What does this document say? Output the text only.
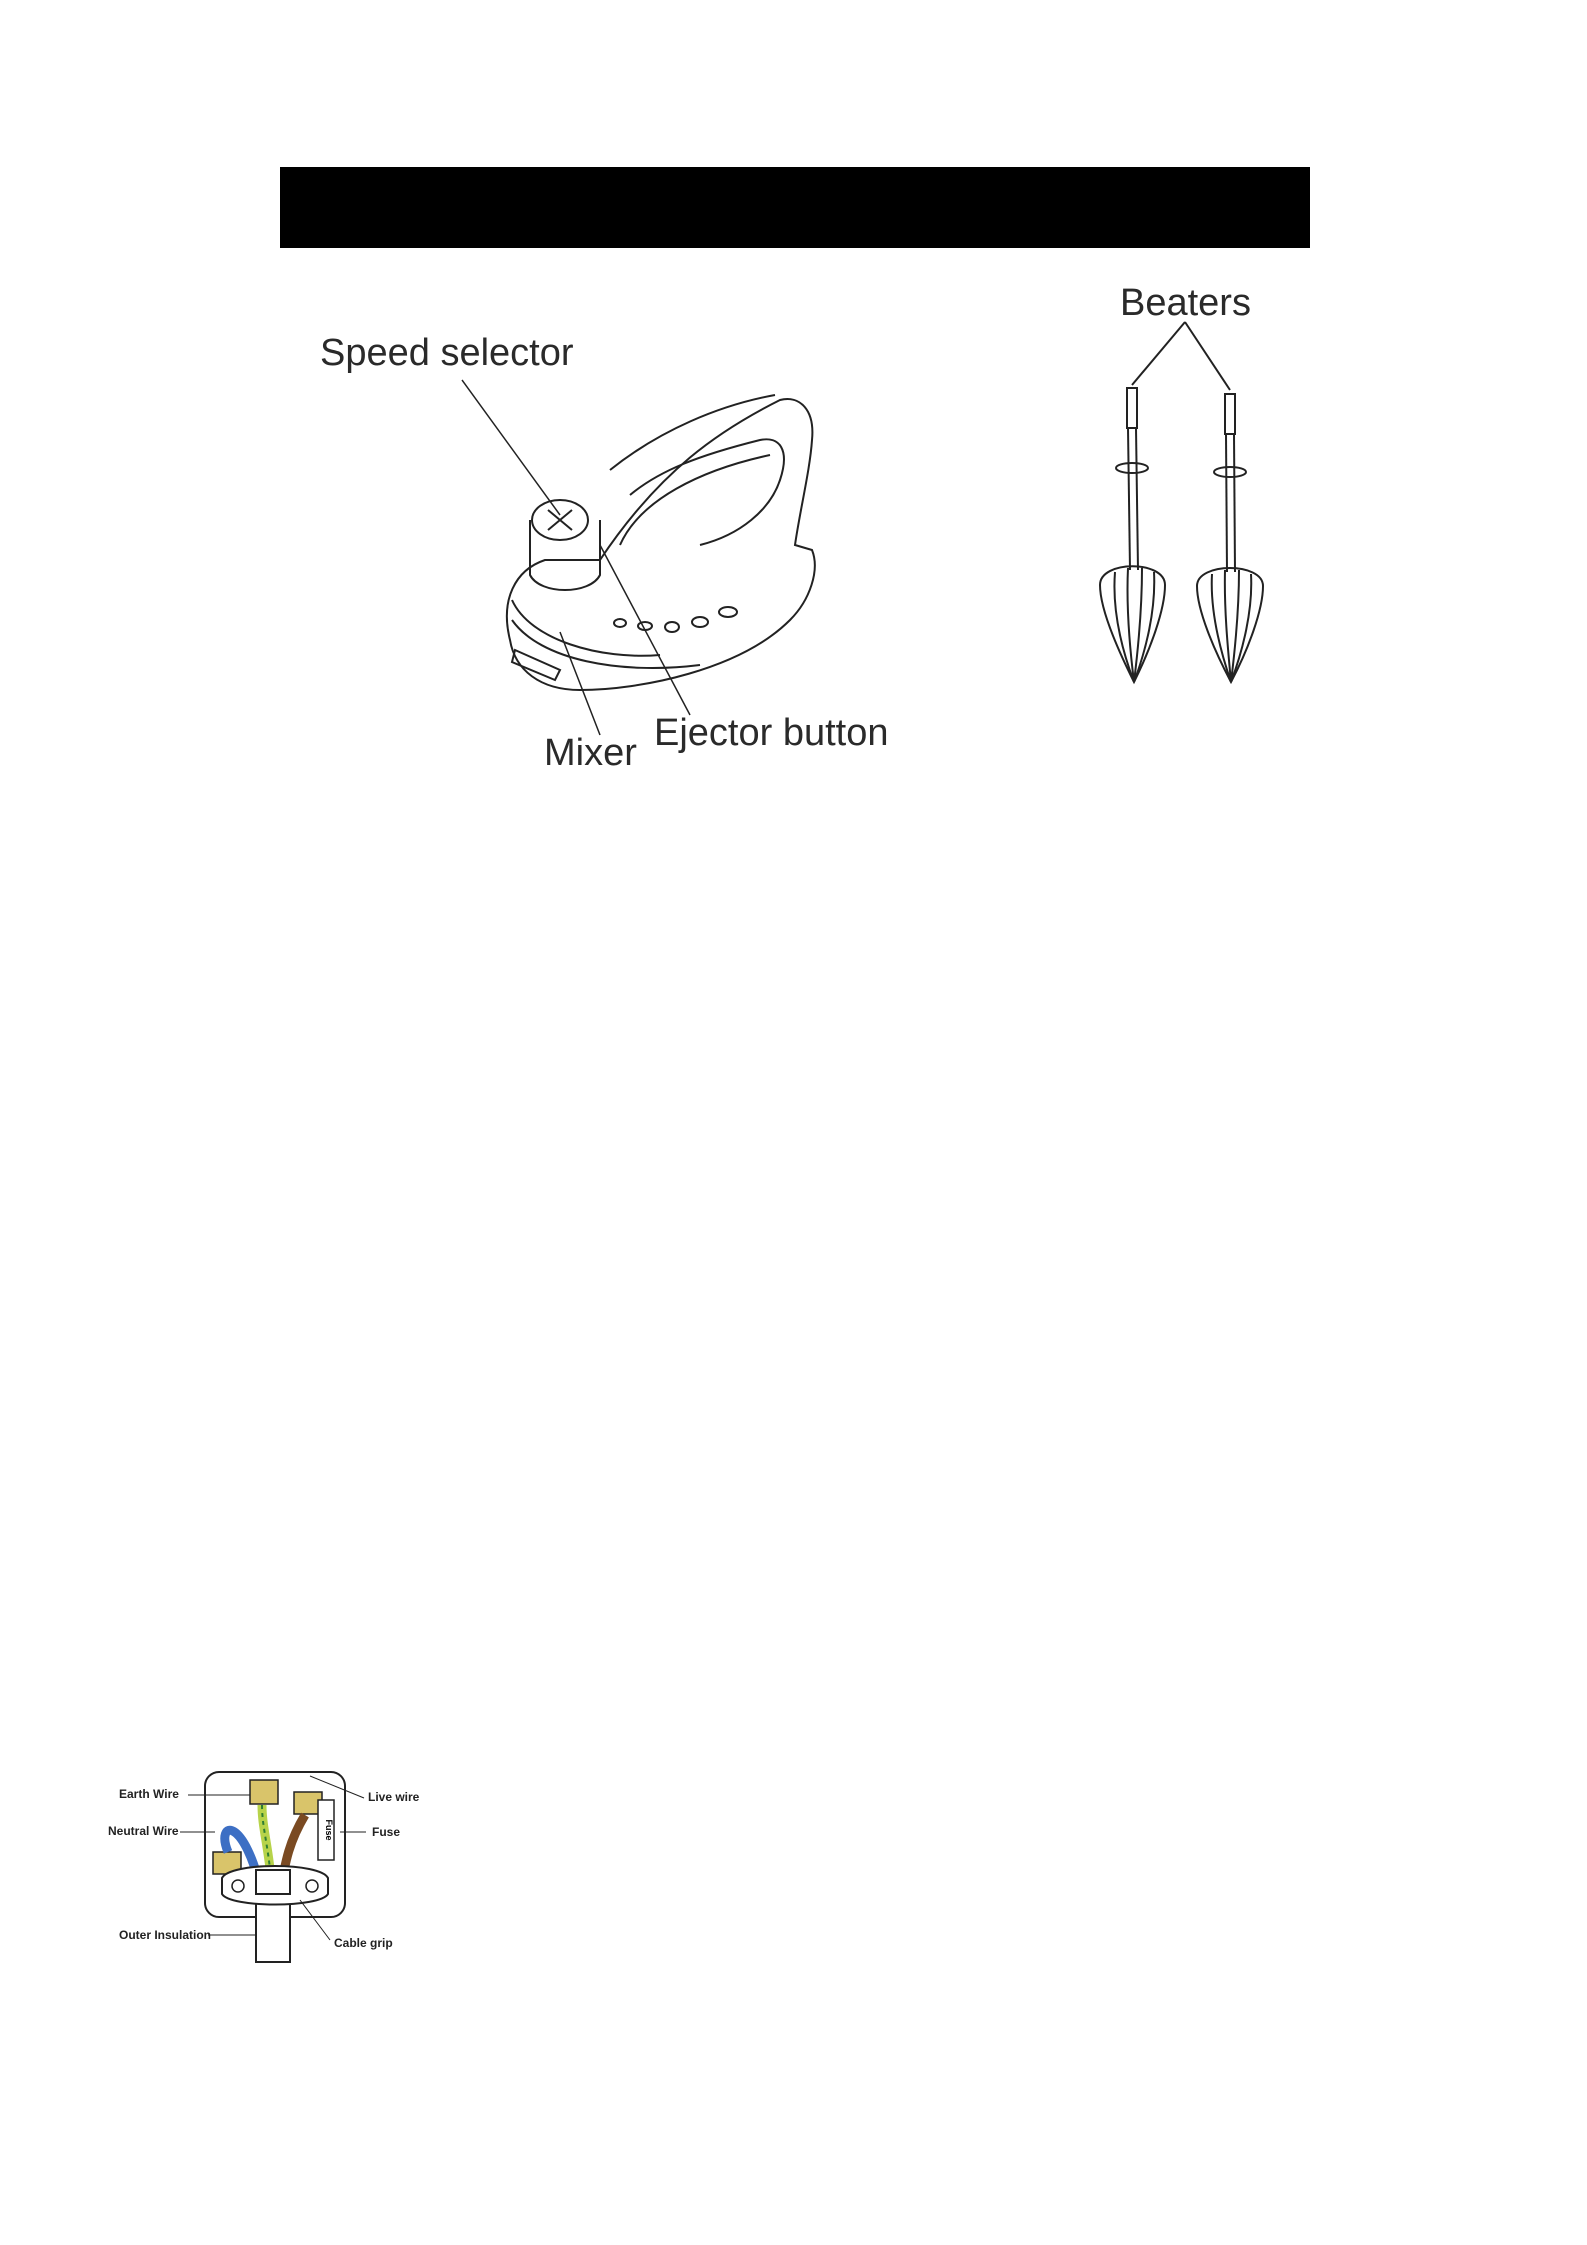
Speed selector
Mixer Ejector button
Beaters
Fuse
Earth Wire
Neutral Wire
Outer Insulation
Live wire
Fuse
Cable grip
